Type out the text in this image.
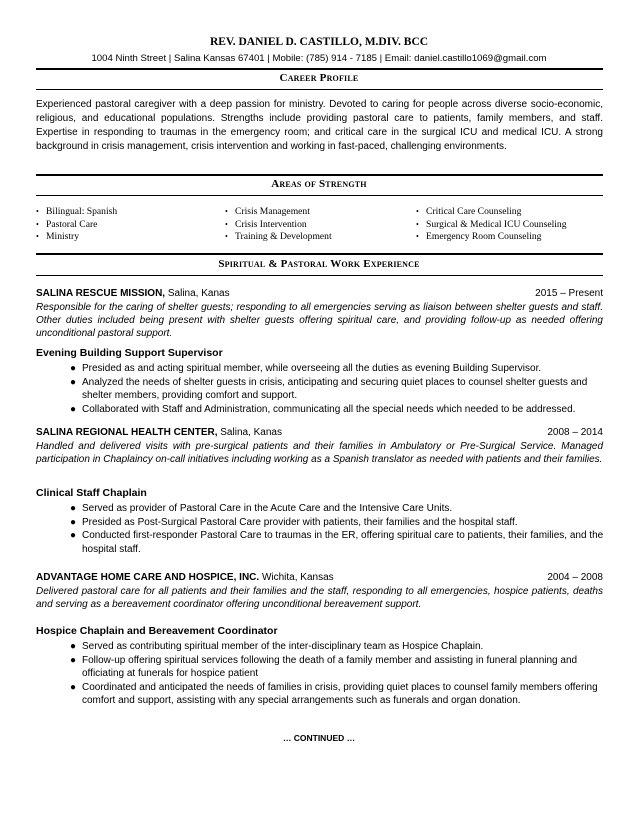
REV. DANIEL D. CASTILLO, M.DIV. BCC
1004 Ninth Street | Salina Kansas 67401 | Mobile: (785) 914 - 7185 | Email: daniel.castillo1069@gmail.com
Career Profile
Experienced pastoral caregiver with a deep passion for ministry. Devoted to caring for people across diverse socio-economic, religious, and educational populations. Strengths include providing pastoral care to patients, family members, and staff. Expertise in responding to traumas in the emergency room; and critical care in the surgical ICU and medical ICU. A strong background in crisis management, crisis intervention and working in fast-paced, challenging environments.
Areas of Strength
• Bilingual: Spanish
• Pastoral Care
• Ministry
• Crisis Management
• Crisis Intervention
• Training & Development
• Critical Care Counseling
• Surgical & Medical ICU Counseling
• Emergency Room Counseling
Spiritual & Pastoral Work Experience
SALINA RESCUE MISSION, Salina, Kanas	2015 – Present
Responsible for the caring of shelter guests; responding to all emergencies serving as liaison between shelter guests and staff. Other duties included being present with shelter guests offering spiritual care, and providing follow-up as needed offering unconditional pastoral support.
Evening Building Support Supervisor
● Presided as and acting spiritual member, while overseeing all the duties as evening Building Supervisor.
● Analyzed the needs of shelter guests in crisis, anticipating and securing quiet places to counsel shelter guests and shelter members, providing comfort and support.
● Collaborated with Staff and Administration, communicating all the special needs which needed to be addressed.
SALINA REGIONAL HEALTH CENTER, Salina, Kanas	2008 – 2014
Handled and delivered visits with pre-surgical patients and their families in Ambulatory or Pre-Surgical Service. Managed participation in Chaplaincy on-call initiatives including working as a Spanish translator as needed with patients and their families.
Clinical Staff Chaplain
● Served as provider of Pastoral Care in the Acute Care and the Intensive Care Units.
● Presided as Post-Surgical Pastoral Care provider with patients, their families and the hospital staff.
● Conducted first-responder Pastoral Care to traumas in the ER, offering spiritual care to patients, their families, and the hospital staff.
ADVANTAGE HOME CARE AND HOSPICE, INC. Wichita, Kansas	2004 – 2008
Delivered pastoral care for all patients and their families and the staff, responding to all emergencies, hospice patients, deaths and serving as a bereavement coordinator offering unconditional bereavement support.
Hospice Chaplain and Bereavement Coordinator
● Served as contributing spiritual member of the inter-disciplinary team as Hospice Chaplain.
● Follow-up offering spiritual services following the death of a family member and assisting in funeral planning and officiating at funerals for hospice patient
● Coordinated and anticipated the needs of families in crisis, providing quiet places to counsel family members offering comfort and support, assisting with any special arrangements such as funerals and organ donation.
… CONTINUED …
